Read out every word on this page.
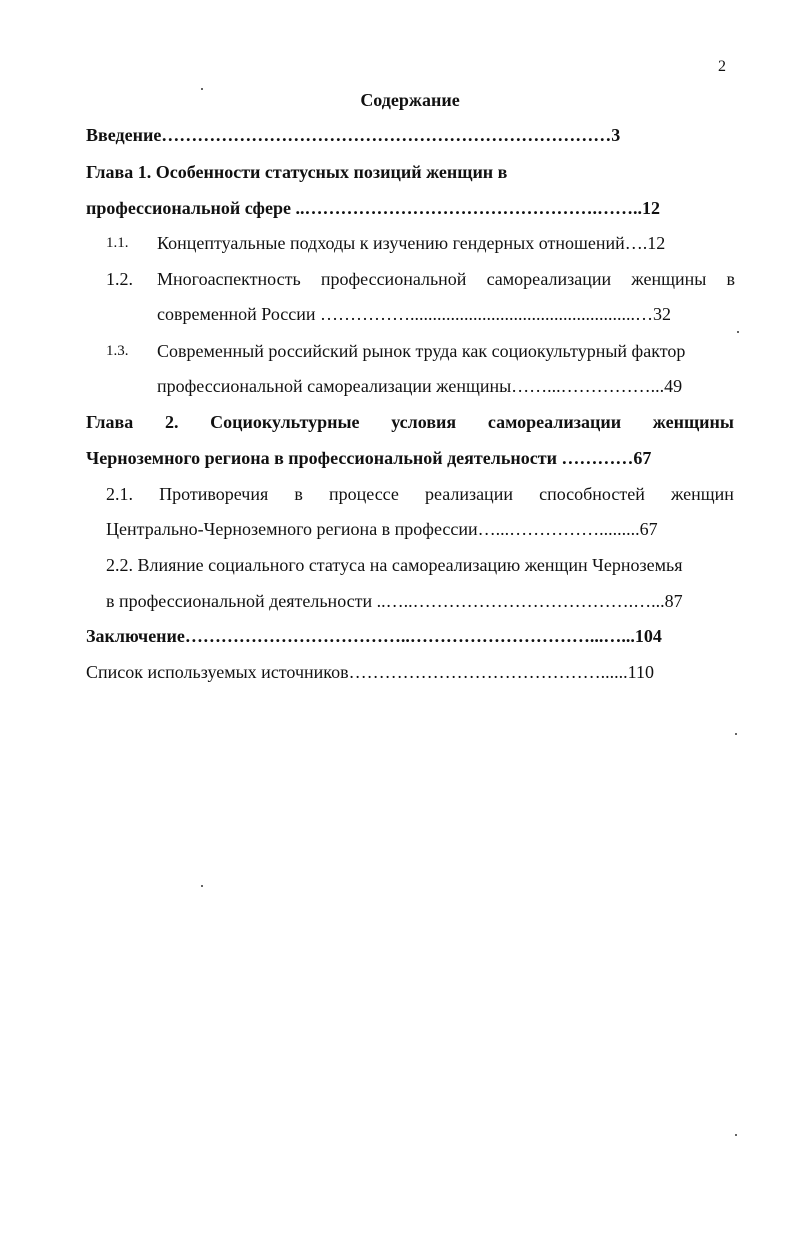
2
Содержание
Введение…………………………………………………………………3
Глава 1. Особенности статусных позиций женщин в
профессиональной сфере ..………………………………………….……..12
1.1. Концептуальные подходы к изучению гендерных отношений….12
1.2. Многоаспектность профессиональной самореализации женщины в
современной России ……………..................................................…32
1.3. Современный российский рынок труда как социокультурный фактор
профессиональной самореализации женщины……...……………...49
Глава 2. Социокультурные условия самореализации женщины
Черноземного региона в профессиональной деятельности …………67
2.1. Противоречия в процессе реализации способностей женщин
Центрально-Черноземного региона в профессии…...…………….........67
2.2. Влияние социального статуса на самореализацию женщин Черноземья
в профессиональной деятельности ..…..……………………………….…...87
Заключение………………………………..…………………………...…...104
Список используемых источников……………………………………......110
